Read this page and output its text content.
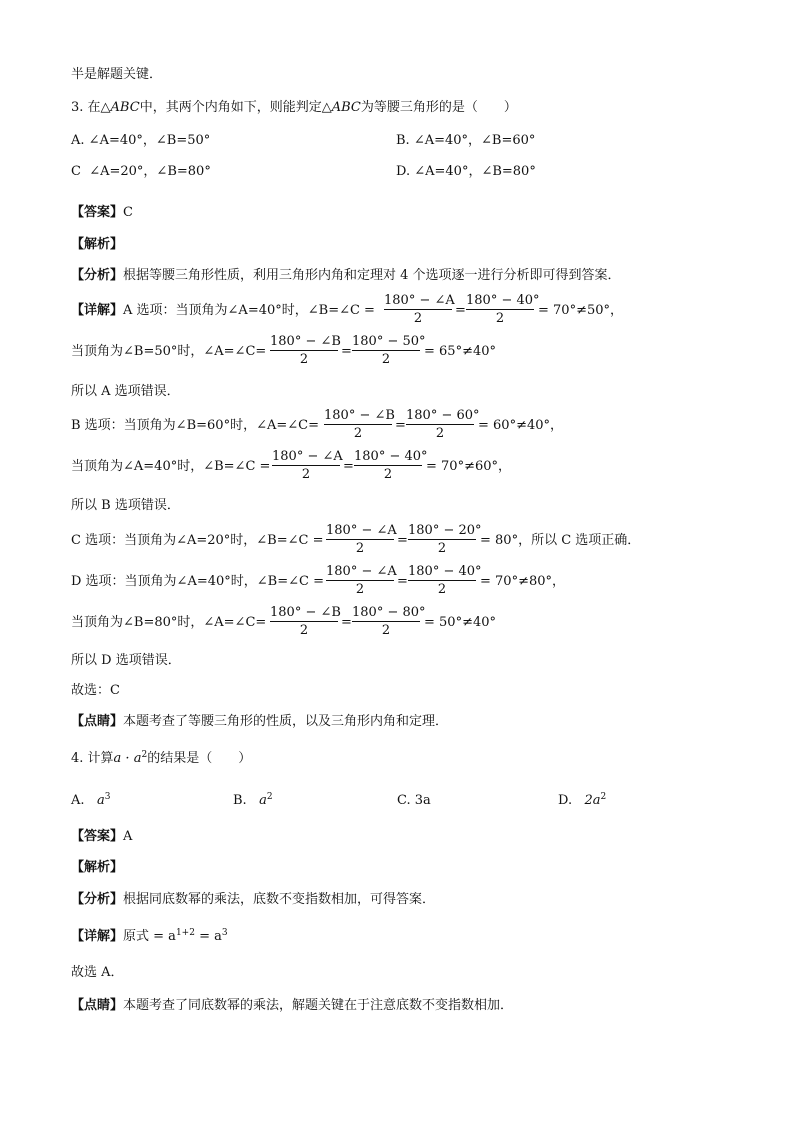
半是解题关键．
3. 在△ABC中，其两个内角如下，则能判定△ABC为等腰三角形的是（　　）
A. ∠A=40°，∠B=50°	B. ∠A=40°，∠B=60°
C ∠A=20°，∠B=80°	D. ∠A=40°，∠B=80°
【答案】C
【解析】
【分析】根据等腰三角形性质，利用三角形内角和定理对 4 个选项逐一进行分析即可得到答案．
【详解】A 选项：当顶角为∠A=40°时，∠B=∠C =
180° − ∠A
2
=
180° − 40°
2
= 70°≠50°，
当顶角为∠B=50°时，∠A=∠C=
180° − ∠B
2
=
180° − 50°
2
= 65°≠40°
所以 A 选项错误．
B 选项：当顶角为∠B=60°时，∠A=∠C=
180° − ∠B
2
=
180° − 60°
2
= 60°≠40°，
当顶角为∠A=40°时，∠B=∠C =
180° − ∠A
2
=
180° − 40°
2
= 70°≠60°，
所以 B 选项错误．
C 选项：当顶角为∠A=20°时，∠B=∠C =
180° − ∠A
2
=
180° − 20°
2
= 80°，所以 C 选项正确．
D 选项：当顶角为∠A=40°时，∠B=∠C =
180° − ∠A
2
=
180° − 40°
2
= 70°≠80°，
当顶角为∠B=80°时，∠A=∠C=
180° − ∠B
2
=
180° − 80°
2
= 50°≠40°
所以 D 选项错误．
故选：C
【点睛】本题考查了等腰三角形的性质，以及三角形内角和定理．
4. 计算$a \cdot a^2$的结果是（　　）
A. $a^3$	B. $a^2$	C. 3a	D. $2a^2$
【答案】A
【解析】
【分析】根据同底数幂的乘法，底数不变指数相加，可得答案．
【详解】原式 = $a^{1+2} = a^3$
故选 A．
【点睛】本题考查了同底数幂的乘法，解题关键在于注意底数不变指数相加．
